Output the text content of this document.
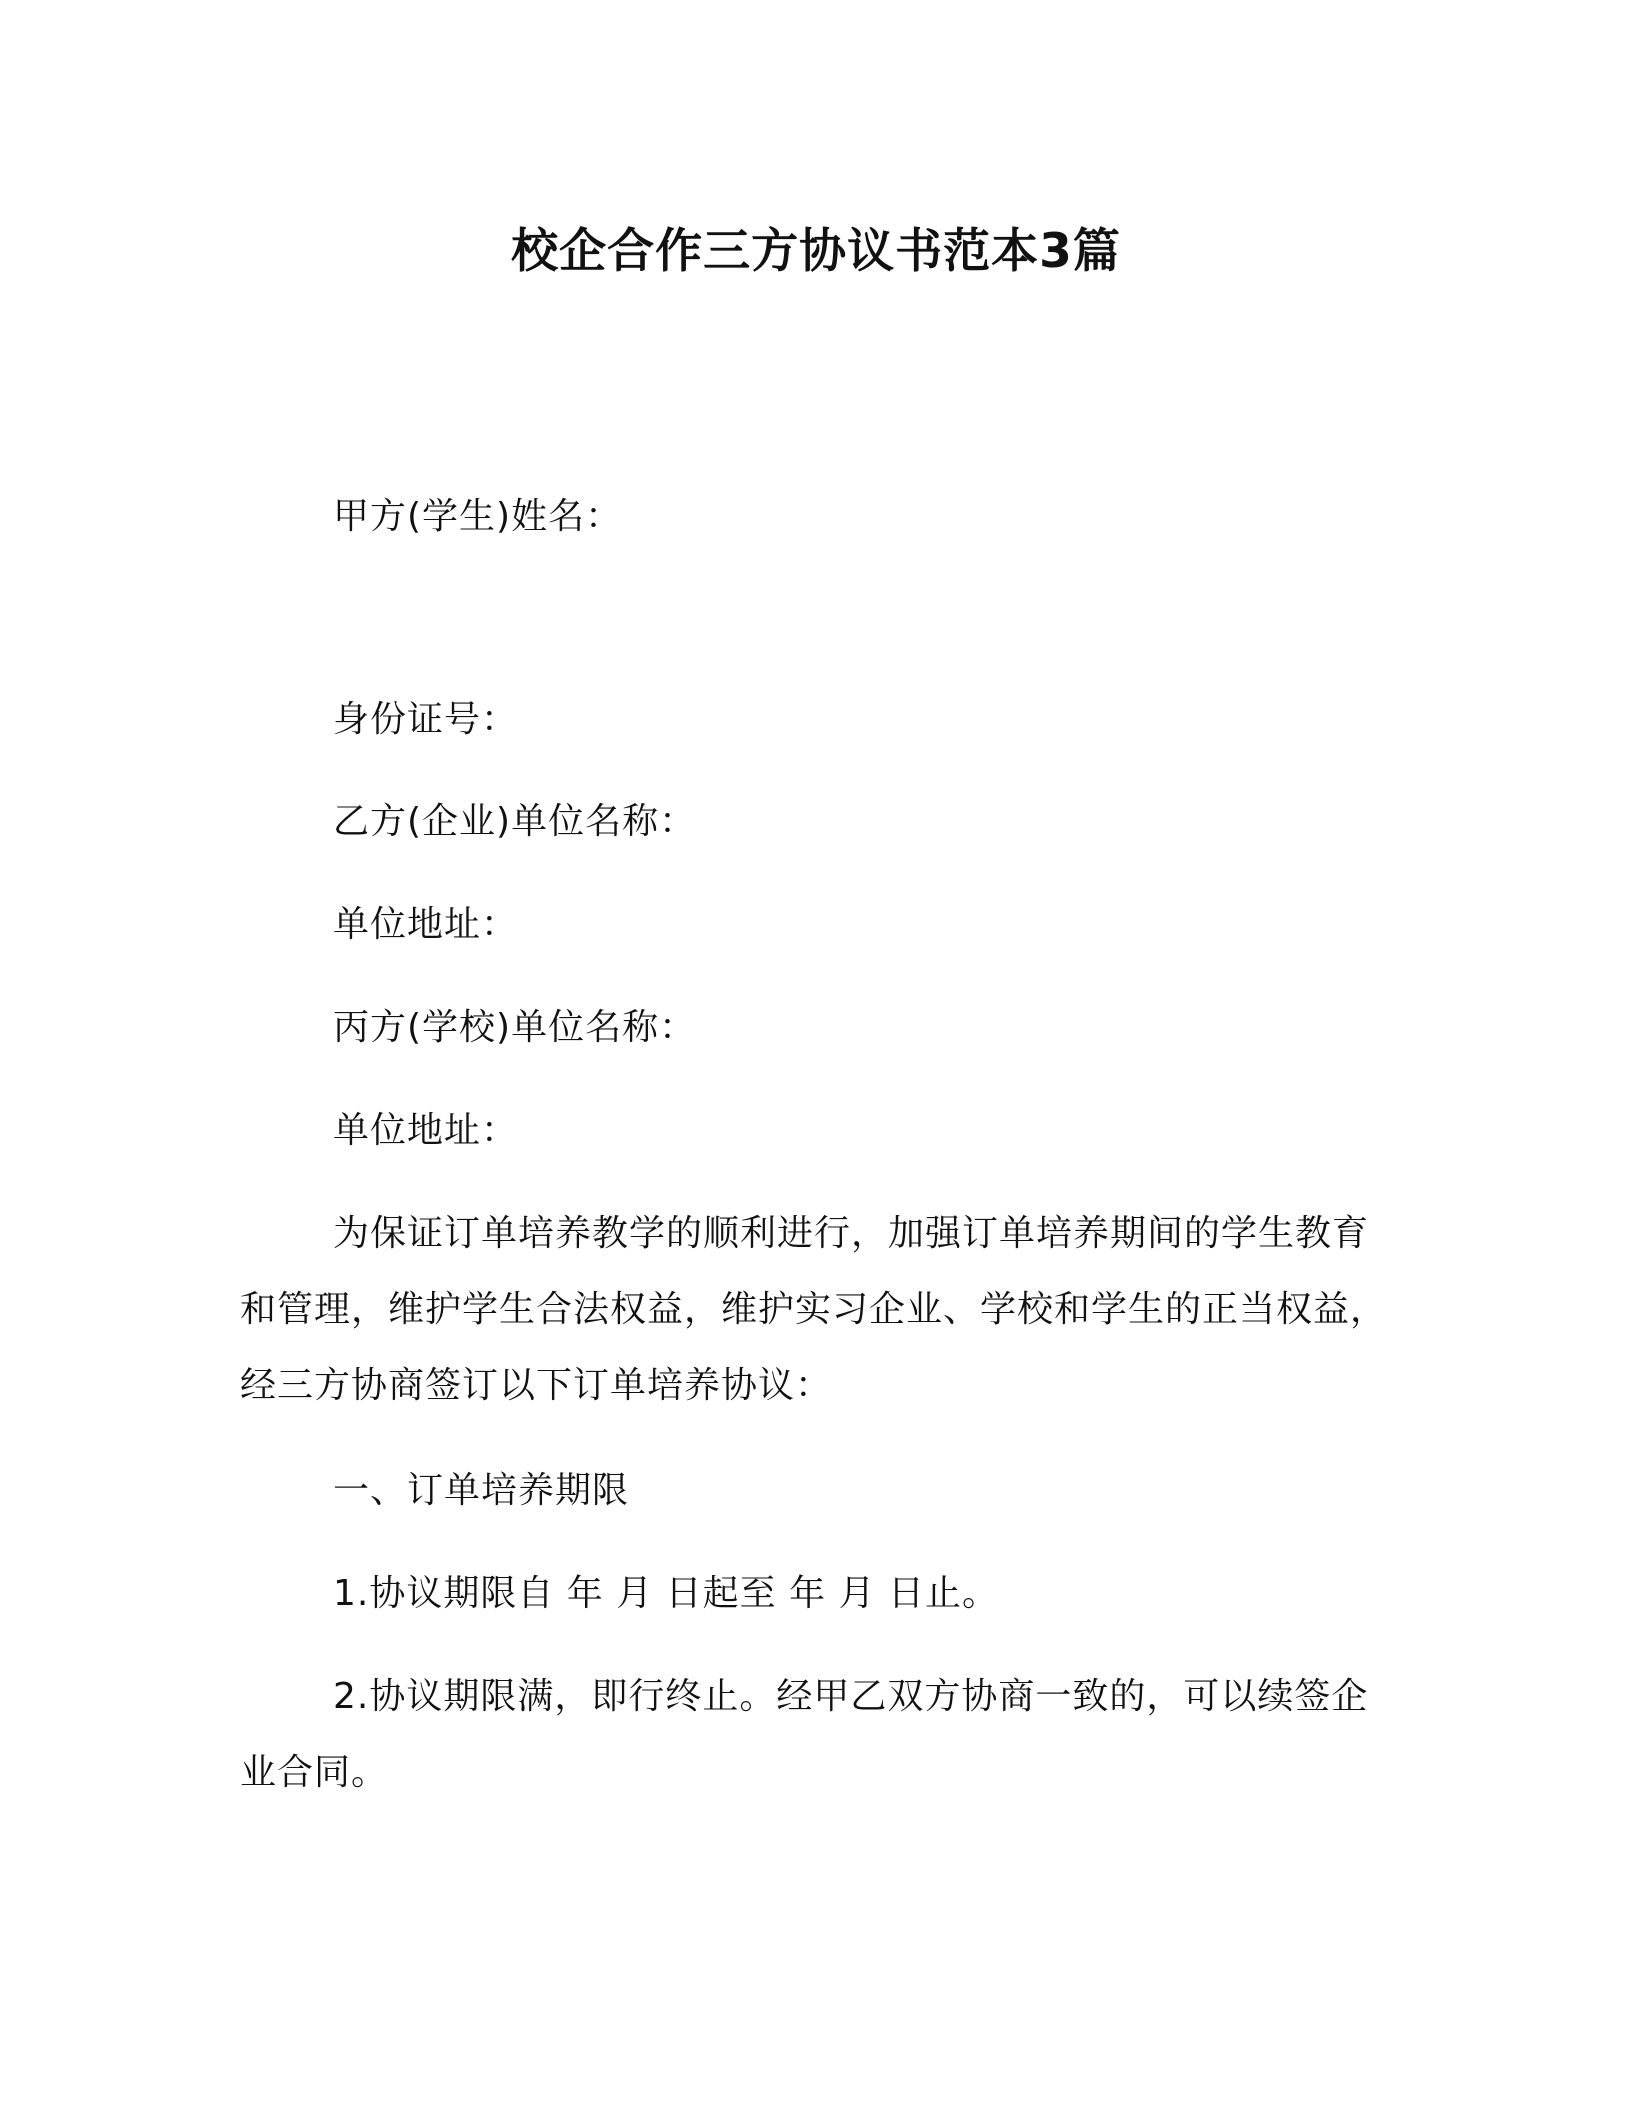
校企合作三方协议书范本3篇
甲方(学生)姓名：
身份证号：
乙方(企业)单位名称：
单位地址：
丙方(学校)单位名称：
单位地址：
为保证订单培养教学的顺利进行，加强订单培养期间的学生教育
和管理，维护学生合法权益，维护实习企业、学校和学生的正当权益，
经三方协商签订以下订单培养协议：
一、订单培养期限
1.协议期限自 年 月 日起至 年 月 日止。
2.协议期限满，即行终止。经甲乙双方协商一致的，可以续签企
业合同。
